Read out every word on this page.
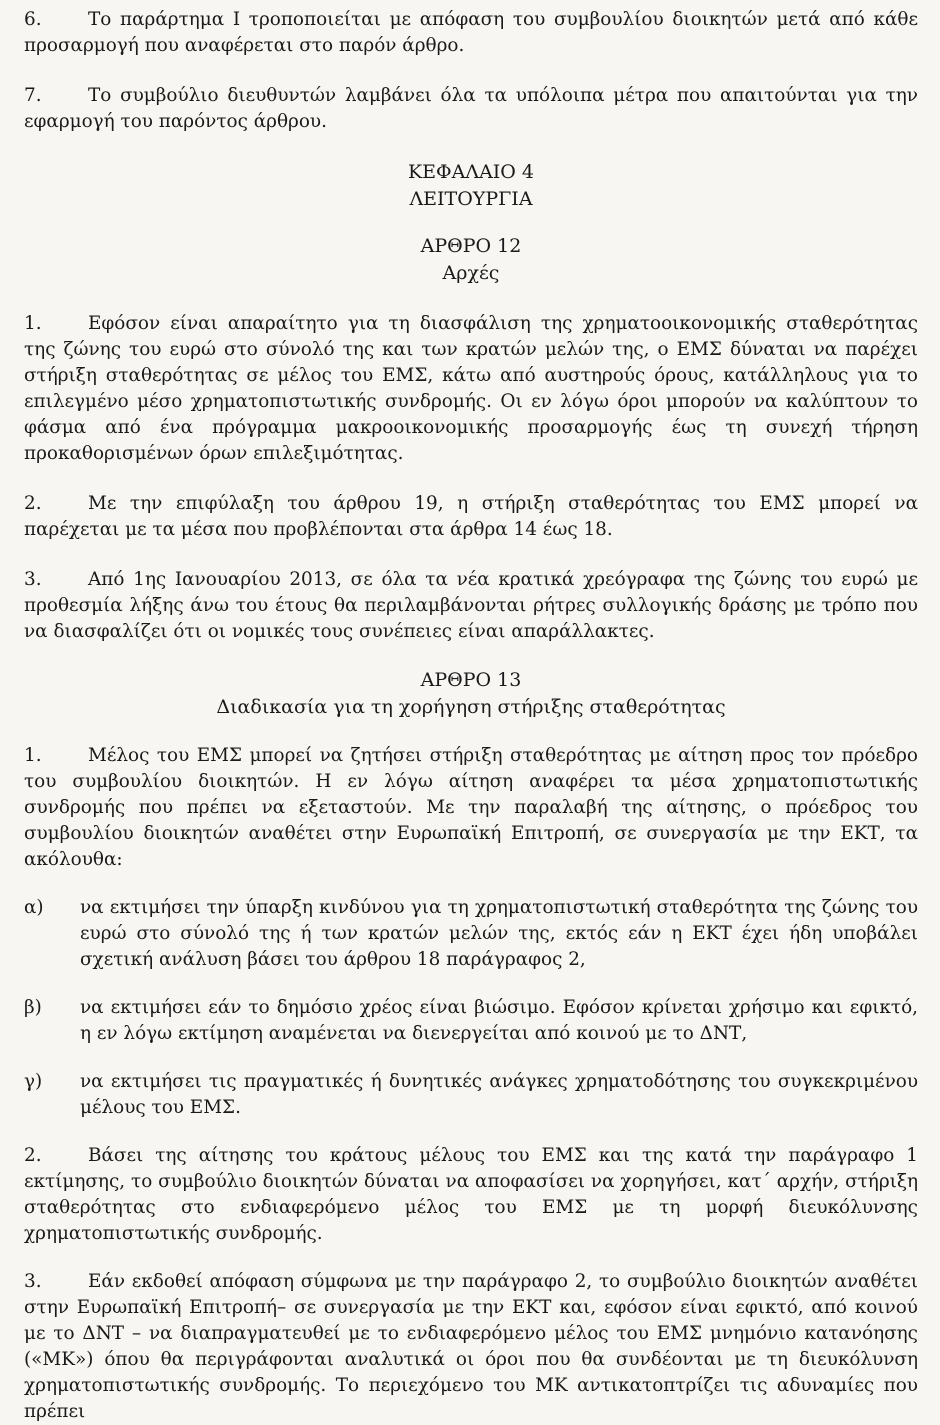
6.	Το παράρτημα Ι τροποποιείται με απόφαση του συμβουλίου διοικητών μετά από κάθε προσαρμογή που αναφέρεται στο παρόν άρθρο.

7.	Το συμβούλιο διευθυντών λαμβάνει όλα τα υπόλοιπα μέτρα που απαιτούνται για την εφαρμογή του παρόντος άρθρου.

ΚΕΦΑΛΑΙΟ 4

ΛΕΙΤΟΥΡΓΙΑ

ΑΡΘΡΟ 12

Αρχές

1.	Εφόσον είναι απαραίτητο για τη διασφάλιση της χρηματοοικονομικής σταθερότητας της ζώνης του ευρώ στο σύνολό της και των κρατών μελών της, ο ΕΜΣ δύναται να παρέχει στήριξη σταθερότητας σε μέλος του ΕΜΣ, κάτω από αυστηρούς όρους, κατάλληλους για το επιλεγμένο μέσο χρηματοπιστωτικής συνδρομής. Οι εν λόγω όροι μπορούν να καλύπτουν το φάσμα από ένα πρόγραμμα μακροοικονομικής προσαρμογής έως τη συνεχή τήρηση προκαθορισμένων όρων επιλεξιμότητας.

2.	Με την επιφύλαξη του άρθρου 19, η στήριξη σταθερότητας του ΕΜΣ μπορεί να παρέχεται με τα μέσα που προβλέπονται στα άρθρα 14 έως 18.

3.	Από 1ης Ιανουαρίου 2013, σε όλα τα νέα κρατικά χρεόγραφα της ζώνης του ευρώ με προθεσμία λήξης άνω του έτους θα περιλαμβάνονται ρήτρες συλλογικής δράσης με τρόπο που να διασφαλίζει ότι οι νομικές τους συνέπειες είναι απαράλλακτες.

ΑΡΘΡΟ 13

Διαδικασία για τη χορήγηση στήριξης σταθερότητας

1.	Μέλος του ΕΜΣ μπορεί να ζητήσει στήριξη σταθερότητας με αίτηση προς τον πρόεδρο του συμβουλίου διοικητών. Η εν λόγω αίτηση αναφέρει τα μέσα χρηματοπιστωτικής συνδρομής που πρέπει να εξεταστούν. Με την παραλαβή της αίτησης, ο πρόεδρος του συμβουλίου διοικητών αναθέτει στην Ευρωπαϊκή Επιτροπή, σε συνεργασία με την ΕΚΤ, τα ακόλουθα:

α)	να εκτιμήσει την ύπαρξη κινδύνου για τη χρηματοπιστωτική σταθερότητα της ζώνης του ευρώ στο σύνολό της ή των κρατών μελών της, εκτός εάν η ΕΚΤ έχει ήδη υποβάλει σχετική ανάλυση βάσει του άρθρου 18 παράγραφος 2,
β)	να εκτιμήσει εάν το δημόσιο χρέος είναι βιώσιμο. Εφόσον κρίνεται χρήσιμο και εφικτό, η εν λόγω εκτίμηση αναμένεται να διενεργείται από κοινού με το ΔΝΤ,
γ)	να εκτιμήσει τις πραγματικές ή δυνητικές ανάγκες χρηματοδότησης του συγκεκριμένου μέλους του ΕΜΣ.

2.	Βάσει της αίτησης του κράτους μέλους του ΕΜΣ και της κατά την παράγραφο 1 εκτίμησης, το συμβούλιο διοικητών δύναται να αποφασίσει να χορηγήσει, κατ΄ αρχήν, στήριξη σταθερότητας στο ενδιαφερόμενο μέλος του ΕΜΣ με τη μορφή διευκόλυνσης χρηματοπιστωτικής συνδρομής.

3.	Εάν εκδοθεί απόφαση σύμφωνα με την παράγραφο 2, το συμβούλιο διοικητών αναθέτει στην Ευρωπαϊκή Επιτροπή– σε συνεργασία με την ΕΚΤ και, εφόσον είναι εφικτό, από κοινού με το ΔΝΤ – να διαπραγματευθεί με το ενδιαφερόμενο μέλος του ΕΜΣ μνημόνιο κατανόησης («ΜΚ») όπου θα περιγράφονται αναλυτικά οι όροι που θα συνδέονται με τη διευκόλυνση χρηματοπιστωτικής συνδρομής. Το περιεχόμενο του ΜΚ αντικατοπτρίζει τις αδυναμίες που πρέπει
